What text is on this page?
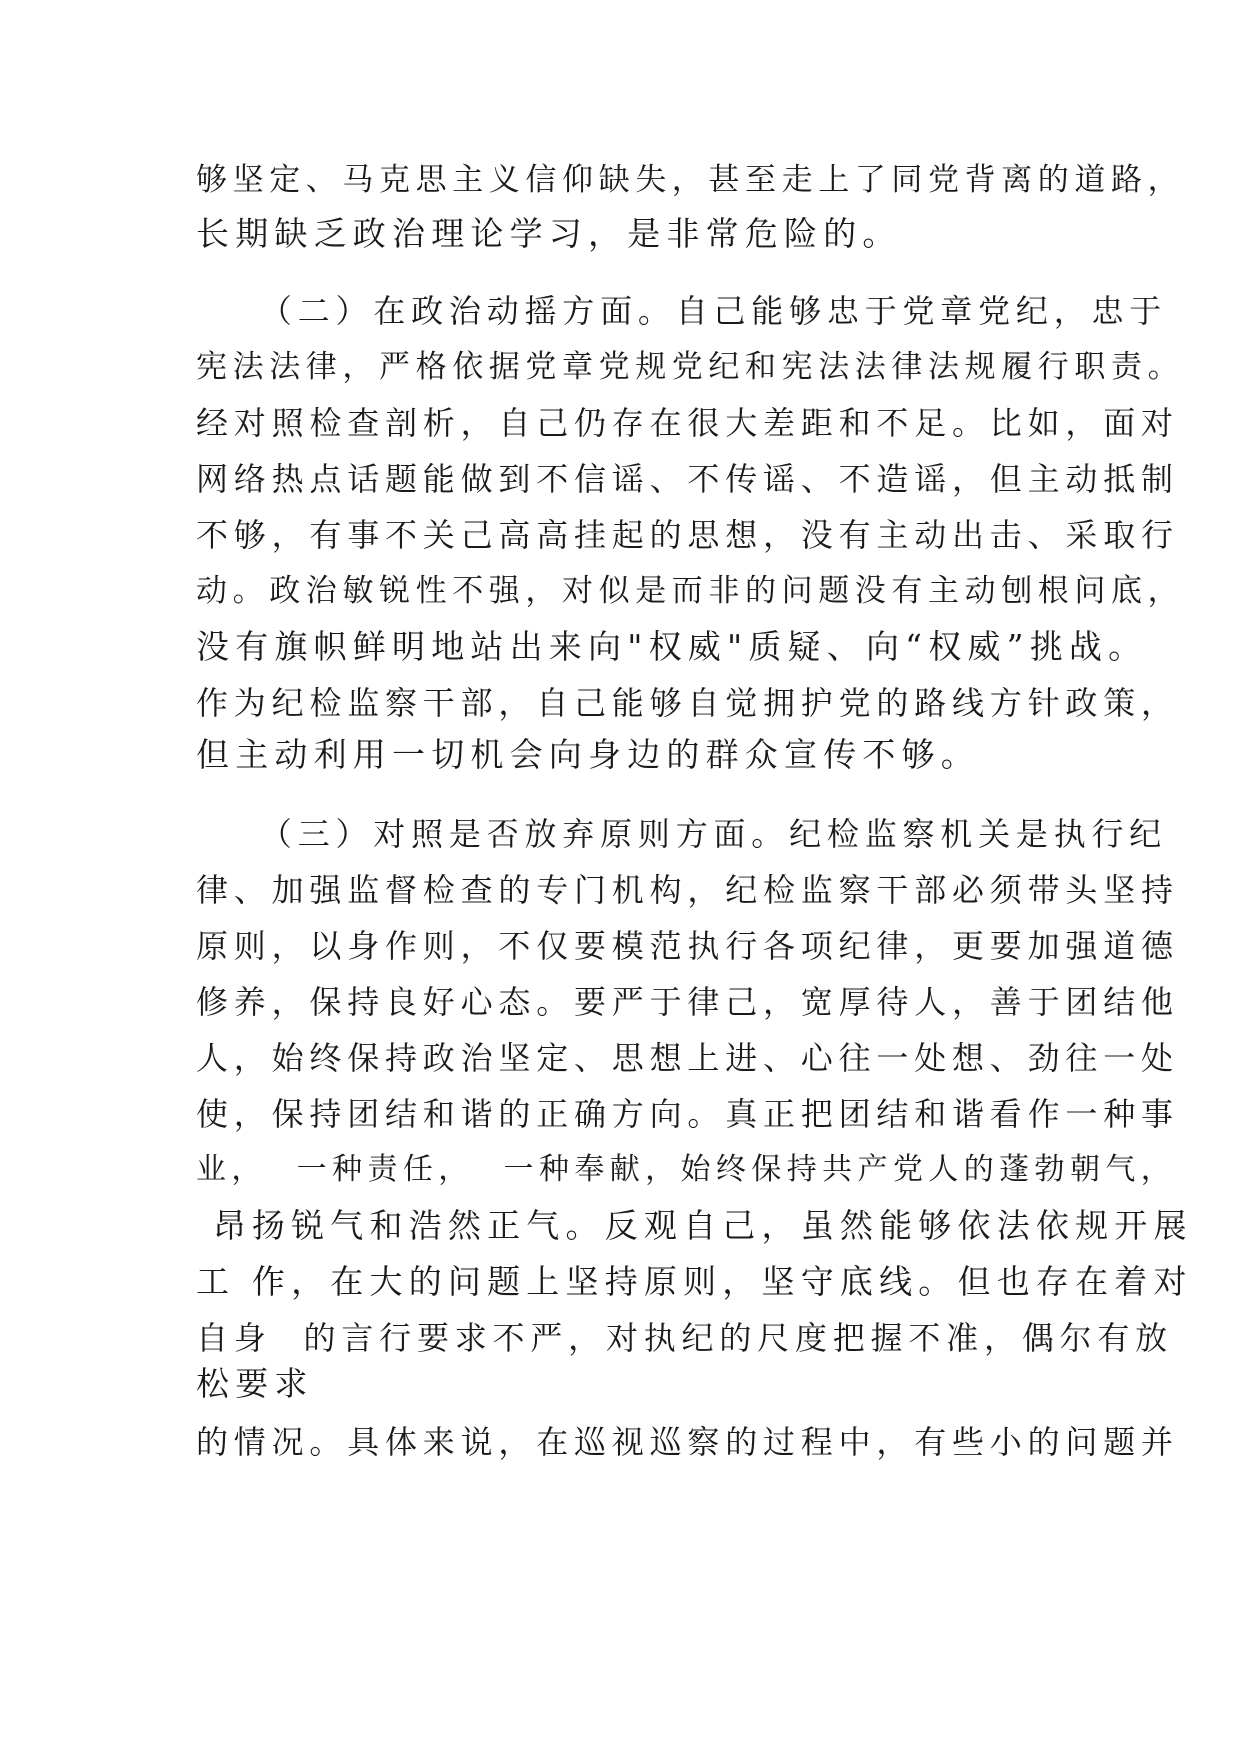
够坚定、马克思主义信仰缺失，甚至走上了同党背离的道路，

长期缺乏政治理论学习，是非常危险的。

（二）在政治动摇方面。自己能够忠于党章党纪，忠于

宪法法律，严格依据党章党规党纪和宪法法律法规履行职责。

经对照检查剖析，自己仍存在很大差距和不足。比如，面对

网络热点话题能做到不信谣、不传谣、不造谣，但主动抵制

不够，有事不关己高高挂起的思想，没有主动出击、采取行

动。政治敏锐性不强，对似是而非的问题没有主动刨根问底，

没有旗帜鲜明地站出来向"权威"质疑、向“权威”挑战。

作为纪检监察干部，自己能够自觉拥护党的路线方针政策，

但主动利用一切机会向身边的群众宣传不够。

（三）对照是否放弃原则方面。纪检监察机关是执行纪

律、加强监督检查的专门机构，纪检监察干部必须带头坚持

原则，以身作则，不仅要模范执行各项纪律，更要加强道德

修养，保持良好心态。要严于律己，宽厚待人，善于团结他

人，始终保持政治坚定、思想上进、心往一处想、劲往一处

使，保持团结和谐的正确方向。真正把团结和谐看作一种事

业，  一种责任，  一种奉献，始终保持共产党人的蓬勃朝气，

昂扬锐气和浩然正气。反观自己，虽然能够依法依规开展

工 作，在大的问题上坚持原则，坚守底线。但也存在着对

自身  的言行要求不严，对执纪的尺度把握不准，偶尔有放

松要求

的情况。具体来说，在巡视巡察的过程中，有些小的问题并
